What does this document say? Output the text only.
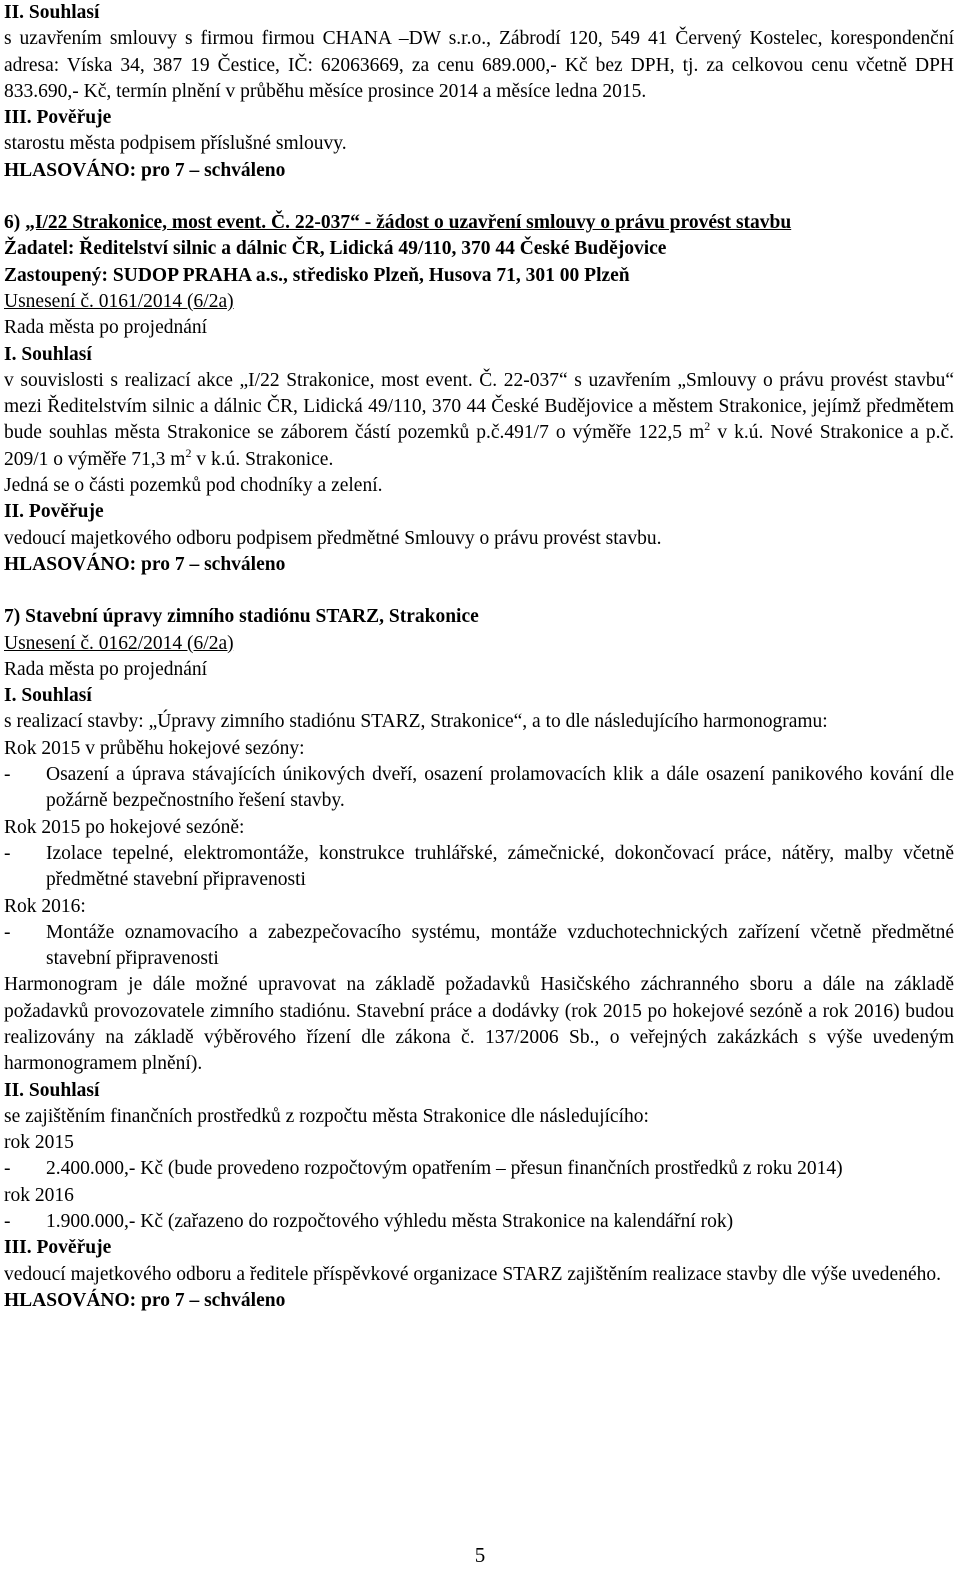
II. Souhlasí

s uzavřením smlouvy s firmou firmou CHANA –DW s.r.o., Zábrodí 120, 549 41 Červený Kostelec, korespondenční adresa: Víska 34, 387 19 Čestice, IČ: 62063669, za cenu 689.000,- Kč bez DPH, tj. za celkovou cenu včetně DPH 833.690,- Kč, termín plnění v průběhu měsíce prosince 2014 a měsíce ledna 2015.

III. Pověřuje

starostu města podpisem příslušné smlouvy.

HLASOVÁNO: pro 7 – schváleno

6) „I/22 Strakonice, most event. Č. 22-037“ - žádost o uzavření smlouvy o právu provést stavbu

Žadatel: Ředitelství silnic a dálnic ČR, Lidická 49/110, 370 44 České Budějovice

Zastoupený: SUDOP PRAHA a.s., středisko Plzeň, Husova 71, 301 00 Plzeň

Usnesení č. 0161/2014 (6/2a)

Rada města po projednání

I. Souhlasí

v souvislosti s realizací akce „I/22 Strakonice, most event. Č. 22-037“ s uzavřením „Smlouvy o právu provést stavbu“ mezi Ředitelstvím silnic a dálnic ČR, Lidická 49/110, 370 44 České Budějovice a městem Strakonice, jejímž předmětem bude souhlas města Strakonice se záborem částí pozemků p.č.491/7 o výměře 122,5 $m^2$ v k.ú. Nové Strakonice a p.č. 209/1 o výměře 71,3 $m^2$ v k.ú. Strakonice.

Jedná se o části pozemků pod chodníky a zelení.

II. Pověřuje

vedoucí majetkového odboru podpisem předmětné Smlouvy o právu provést stavbu.

HLASOVÁNO: pro 7 – schváleno

7) Stavební úpravy zimního stadiónu STARZ, Strakonice

Usnesení č. 0162/2014 (6/2a)

Rada města po projednání

I. Souhlasí

s realizací stavby: „Úpravy zimního stadiónu STARZ, Strakonice“, a to dle následujícího harmonogramu:

Rok 2015 v průběhu hokejové sezóny:

-	Osazení a úprava stávajících únikových dveří, osazení prolamovacích klik a dále osazení panikového kování dle požárně bezpečnostního řešení stavby.

Rok 2015 po hokejové sezóně:

-	Izolace tepelné, elektromontáže, konstrukce truhlářské, zámečnické, dokončovací práce, nátěry, malby včetně předmětné stavební připravenosti

Rok 2016:

-	Montáže oznamovacího a zabezpečovacího systému, montáže vzduchotechnických zařízení včetně předmětné stavební připravenosti

Harmonogram je dále možné upravovat na základě požadavků Hasičského záchranného sboru a dále na základě požadavků provozovatele zimního stadiónu. Stavební práce a dodávky (rok 2015 po hokejové sezóně a rok 2016) budou realizovány na základě výběrového řízení dle zákona č. 137/2006 Sb., o veřejných zakázkách s výše uvedeným harmonogramem plnění).

II. Souhlasí

se zajištěním finančních prostředků z rozpočtu města Strakonice dle následujícího:

rok 2015

-	2.400.000,- Kč (bude provedeno rozpočtovým opatřením – přesun finančních prostředků z roku 2014)

rok 2016

-	1.900.000,- Kč (zařazeno do rozpočtového výhledu města Strakonice na kalendářní rok)

III. Pověřuje

vedoucí majetkového odboru a ředitele příspěvkové organizace STARZ zajištěním realizace stavby dle výše uvedeného.

HLASOVÁNO: pro 7 – schváleno

5
